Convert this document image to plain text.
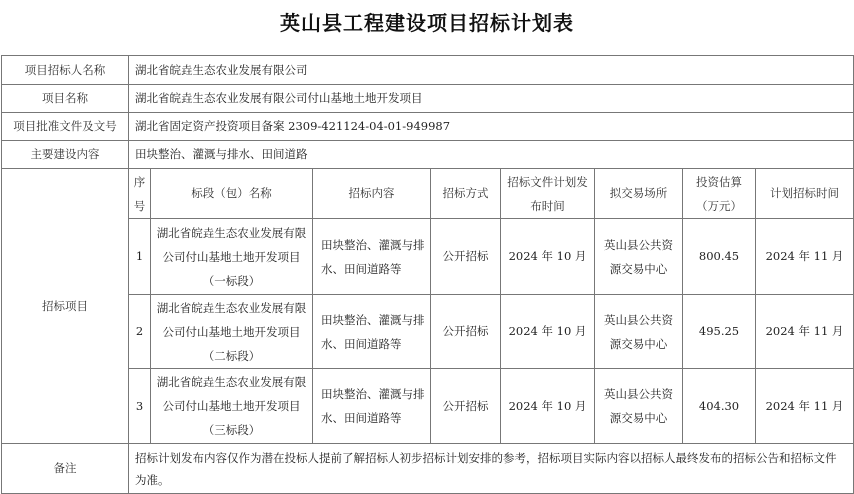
英山县工程建设项目招标计划表
项目招标人名称	湖北省皖垚生态农业发展有限公司							
项目名称	湖北省皖垚生态农业发展有限公司付山基地土地开发项目							
项目批准文件及文号	湖北省固定资产投资项目备案 2309-421124-04-01-949987							
主要建设内容	田块整治、灌溉与排水、田间道路							
招标项目	序号	标段（包）名称	招标内容	招标方式	招标文件计划发布时间	拟交易场所	投资估算（万元）	计划招标时间
	1	湖北省皖垚生态农业发展有限公司付山基地土地开发项目（一标段）	田块整治、灌溉与排水、田间道路等	公开招标	2024 年 10 月	英山县公共资源交易中心	800.45	2024 年 11 月
	2	湖北省皖垚生态农业发展有限公司付山基地土地开发项目（二标段）	田块整治、灌溉与排水、田间道路等	公开招标	2024 年 10 月	英山县公共资源交易中心	495.25	2024 年 11 月
	3	湖北省皖垚生态农业发展有限公司付山基地土地开发项目（三标段）	田块整治、灌溉与排水、田间道路等	公开招标	2024 年 10 月	英山县公共资源交易中心	404.30	2024 年 11 月
备注	招标计划发布内容仅作为潜在投标人提前了解招标人初步招标计划安排的参考，招标项目实际内容以招标人最终发布的招标公告和招标文件为准。							
